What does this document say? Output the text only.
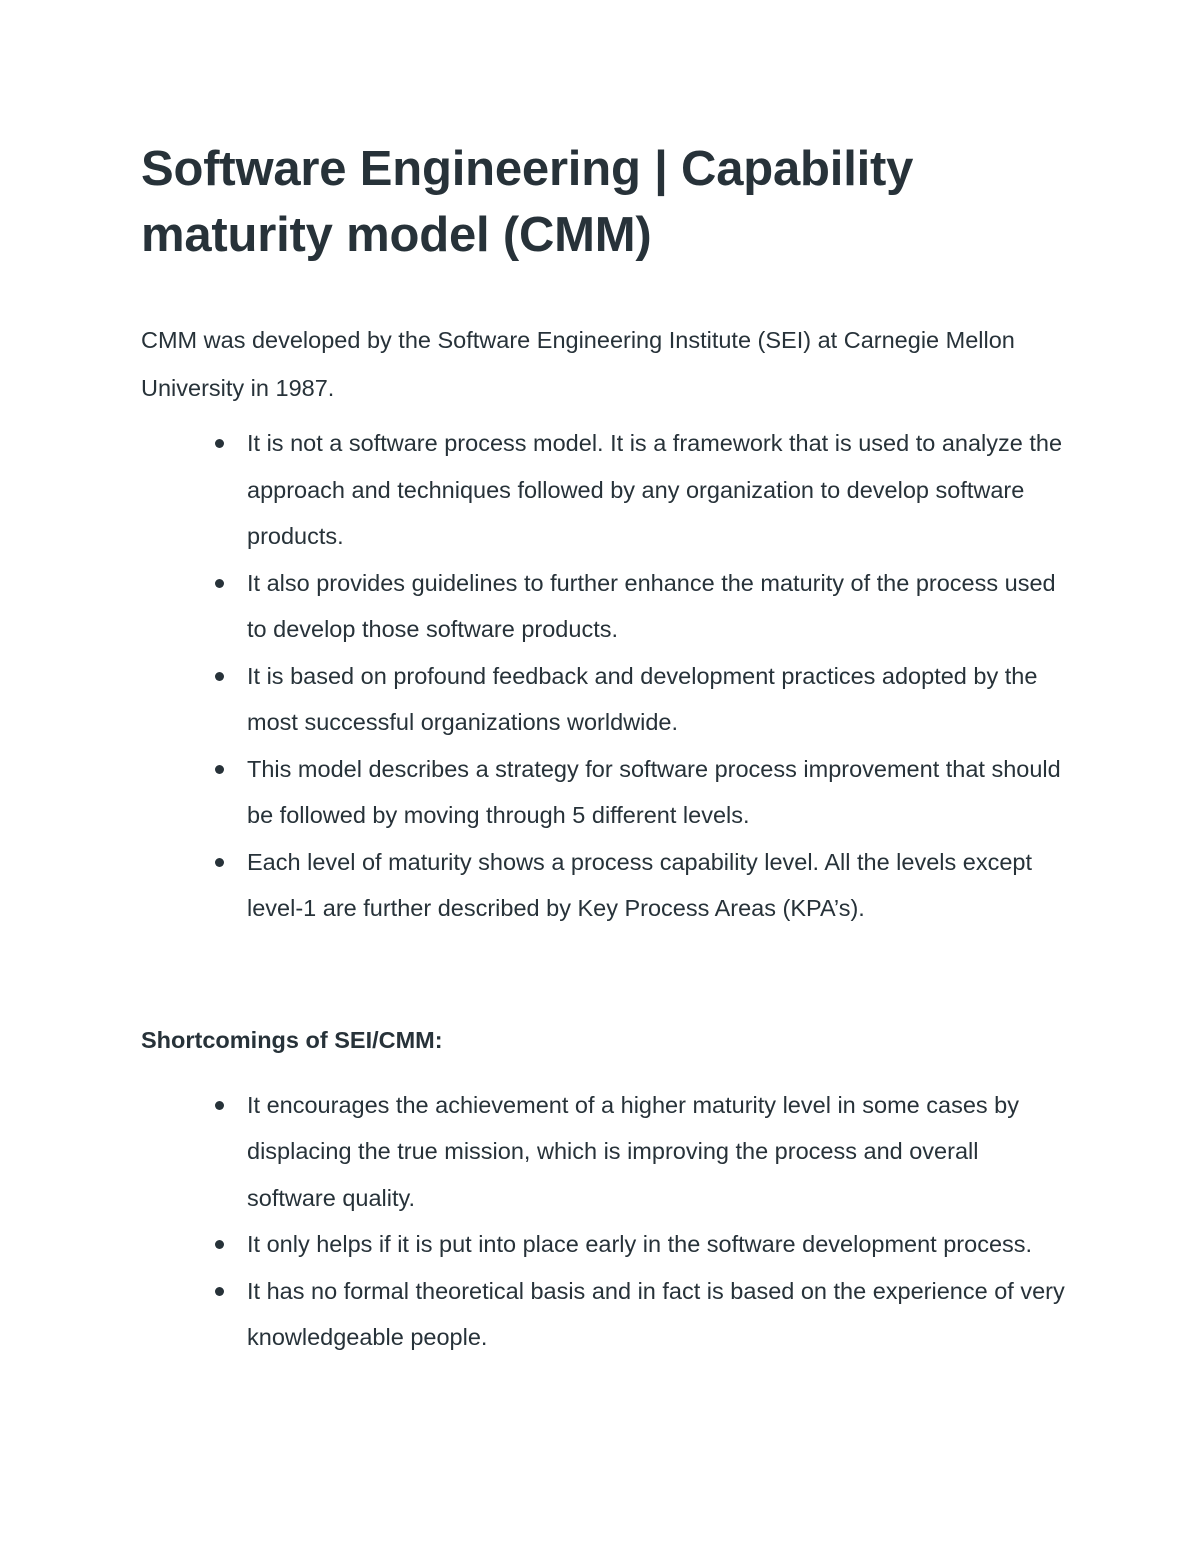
Software Engineering | Capability maturity model (CMM)

CMM was developed by the Software Engineering Institute (SEI) at Carnegie Mellon University in 1987.

It is not a software process model. It is a framework that is used to analyze the approach and techniques followed by any organization to develop software products.
It also provides guidelines to further enhance the maturity of the process used to develop those software products.
It is based on profound feedback and development practices adopted by the most successful organizations worldwide.
This model describes a strategy for software process improvement that should be followed by moving through 5 different levels.
Each level of maturity shows a process capability level. All the levels except level-1 are further described by Key Process Areas (KPA’s).
Shortcomings of SEI/CMM:
It encourages the achievement of a higher maturity level in some cases by displacing the true mission, which is improving the process and overall software quality.
It only helps if it is put into place early in the software development process.
It has no formal theoretical basis and in fact is based on the experience of very knowledgeable people.
